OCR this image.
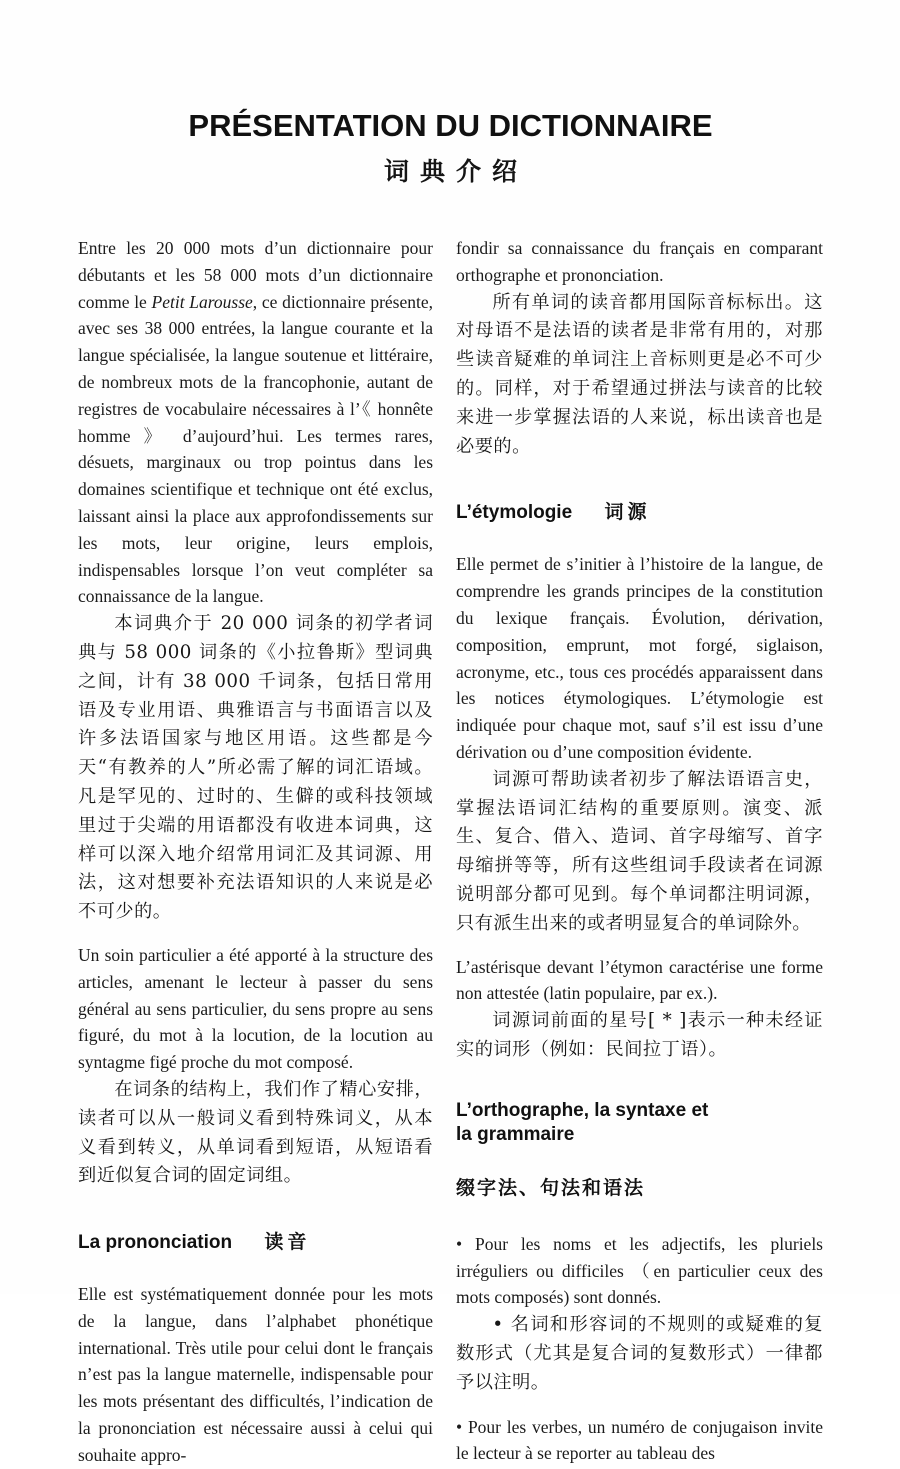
PRÉSENTATION DU DICTIONNAIRE
词典介绍

Entre les 20 000 mots d’un dictionnaire pour débutants et les 58 000 mots d’un dictionnaire comme le Petit Larousse, ce dictionnaire présente, avec ses 38 000 entrées, la langue courante et la langue spécialisée, la langue soutenue et littéraire, de nombreux mots de la francophonie, autant de registres de vocabulaire nécessaires à l’《 honnête homme 》 d’aujourd’hui. Les termes rares, désuets, marginaux ou trop pointus dans les domaines scientifique et technique ont été exclus, laissant ainsi la place aux approfondissements sur les mots, leur origine, leurs emplois, indispensables lorsque l’on veut compléter sa connaissance de la langue.

本词典介于 20 000 词条的初学者词典与 58 000 词条的《小拉鲁斯》型词典之间，计有 38 000 千词条，包括日常用语及专业用语、典雅语言与书面语言以及许多法语国家与地区用语。这些都是今天“有教养的人”所必需了解的词汇语域。凡是罕见的、过时的、生僻的或科技领域里过于尖端的用语都没有收进本词典，这样可以深入地介绍常用词汇及其词源、用法，这对想要补充法语知识的人来说是必不可少的。

Un soin particulier a été apporté à la structure des articles, amenant le lecteur à passer du sens général au sens particulier, du sens propre au sens figuré, du mot à la locution, de la locution au syntagme figé proche du mot composé.

在词条的结构上，我们作了精心安排，读者可以从一般词义看到特殊词义，从本义看到转义，从单词看到短语，从短语看到近似复合词的固定词组。

La prononciation 读音

Elle est systématiquement donnée pour les mots de la langue, dans l’alphabet phonétique international. Très utile pour celui dont le français n’est pas la langue maternelle, indispensable pour les mots présentant des difficultés, l’indication de la prononciation est nécessaire aussi à celui qui souhaite appro-

fondir sa connaissance du français en comparant orthographe et prononciation.

所有单词的读音都用国际音标标出。这对母语不是法语的读者是非常有用的，对那些读音疑难的单词注上音标则更是必不可少的。同样，对于希望通过拼法与读音的比较来进一步掌握法语的人来说，标出读音也是必要的。

L’étymologie 词源

Elle permet de s’initier à l’histoire de la langue, de comprendre les grands principes de la constitution du lexique français. Évolution, dérivation, composition, emprunt, mot forgé, siglaison, acronyme, etc., tous ces procédés apparaissent dans les notices étymologiques. L’étymologie est indiquée pour chaque mot, sauf s’il est issu d’une dérivation ou d’une composition évidente.

词源可帮助读者初步了解法语语言史，掌握法语词汇结构的重要原则。演变、派生、复合、借入、造词、首字母缩写、首字母缩拼等等，所有这些组词手段读者在词源说明部分都可见到。每个单词都注明词源，只有派生出来的或者明显复合的单词除外。

L’astérisque devant l’étymon caractérise une forme non attestée (latin populaire, par ex.).

词源词前面的星号[ * ]表示一种未经证实的词形（例如：民间拉丁语）。

L’orthographe, la syntaxe et la grammaire
缀字法、句法和语法

• Pour les noms et les adjectifs, les pluriels irréguliers ou difficiles （en particulier ceux des mots composés) sont donnés.

• 名词和形容词的不规则的或疑难的复数形式（尤其是复合词的复数形式）一律都予以注明。

• Pour les verbes, un numéro de conjugaison invite le lecteur à se reporter au tableau des
